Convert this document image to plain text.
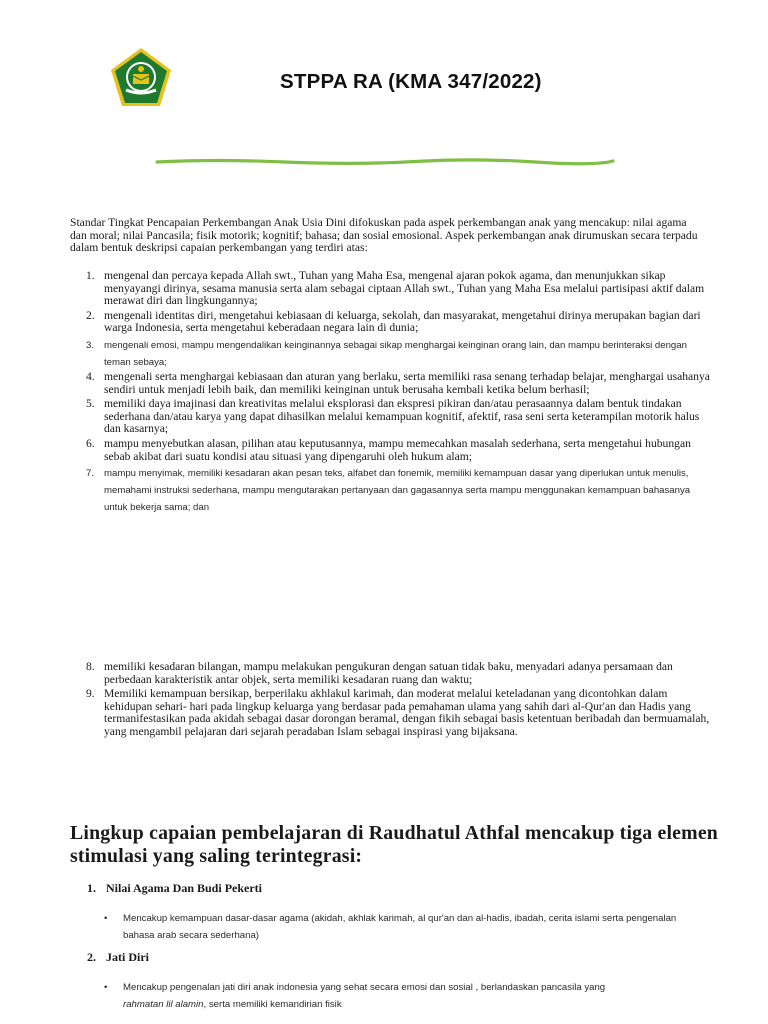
STPPA RA (KMA 347/2022)

Standar Tingkat Pencapaian Perkembangan Anak Usia Dini difokuskan pada aspek perkembangan anak yang mencakup: nilai agama dan moral; nilai Pancasila; fisik motorik; kognitif; bahasa; dan sosial emosional. Aspek perkembangan anak dirumuskan secara terpadu dalam bentuk deskripsi capaian perkembangan yang terdiri atas:

1. mengenal dan percaya kepada Allah swt., Tuhan yang Maha Esa, mengenal ajaran pokok agama, dan menunjukkan sikap menyayangi dirinya, sesama manusia serta alam sebagai ciptaan Allah swt., Tuhan yang Maha Esa melalui partisipasi aktif dalam merawat diri dan lingkungannya;
2. mengenali identitas diri, mengetahui kebiasaan di keluarga, sekolah, dan masyarakat, mengetahui dirinya merupakan bagian dari warga Indonesia, serta mengetahui keberadaan negara lain di dunia;
3. mengenali emosi, mampu mengendalikan keinginannya sebagai sikap menghargai keinginan orang lain, dan mampu berinteraksi dengan teman sebaya;
4. mengenali serta menghargai kebiasaan dan aturan yang berlaku, serta memiliki rasa senang terhadap belajar, menghargai usahanya sendiri untuk menjadi lebih baik, dan memiliki keinginan untuk berusaha kembali ketika belum berhasil;
5. memiliki daya imajinasi dan kreativitas melalui eksplorasi dan ekspresi pikiran dan/atau perasaannya dalam bentuk tindakan sederhana dan/atau karya yang dapat dihasilkan melalui kemampuan kognitif, afektif, rasa seni serta keterampilan motorik halus dan kasarnya;
6. mampu menyebutkan alasan, pilihan atau keputusannya, mampu memecahkan masalah sederhana, serta mengetahui hubungan sebab akibat dari suatu kondisi atau situasi yang dipengaruhi oleh hukum alam;
7. mampu menyimak, memiliki kesadaran akan pesan teks, alfabet dan fonemik, memiliki kemampuan dasar yang diperlukan untuk menulis, memahami instruksi sederhana, mampu mengutarakan pertanyaan dan gagasannya serta mampu menggunakan kemampuan bahasanya untuk bekerja sama; dan
8. memiliki kesadaran bilangan, mampu melakukan pengukuran dengan satuan tidak baku, menyadari adanya persamaan dan perbedaan karakteristik antar objek, serta memiliki kesadaran ruang dan waktu;
9. Memiliki kemampuan bersikap, berperilaku akhlakul karimah, dan moderat melalui keteladanan yang dicontohkan dalam kehidupan sehari- hari pada lingkup keluarga yang berdasar pada pemahaman ulama yang sahih dari al-Qur'an dan Hadis yang termanifestasikan pada akidah sebagai dasar dorongan beramal, dengan fikih sebagai basis ketentuan beribadah dan bermuamalah, yang mengambil pelajaran dari sejarah peradaban Islam sebagai inspirasi yang bijaksana.
Lingkup capaian pembelajaran di Raudhatul Athfal mencakup tiga elemen stimulasi yang saling terintegrasi:
1. Nilai Agama Dan Budi Pekerti
• Mencakup kemampuan dasar-dasar agama (akidah, akhlak karimah, al qur'an dan al-hadis, ibadah, cerita islami serta pengenalan bahasa arab secara sederhana)
2. Jati Diri
• Mencakup pengenalan jati diri anak indonesia yang sehat secara emosi dan sosial , berlandaskan pancasila yang
rahmatan lil alamin, serta memiliki kemandirian fisik
